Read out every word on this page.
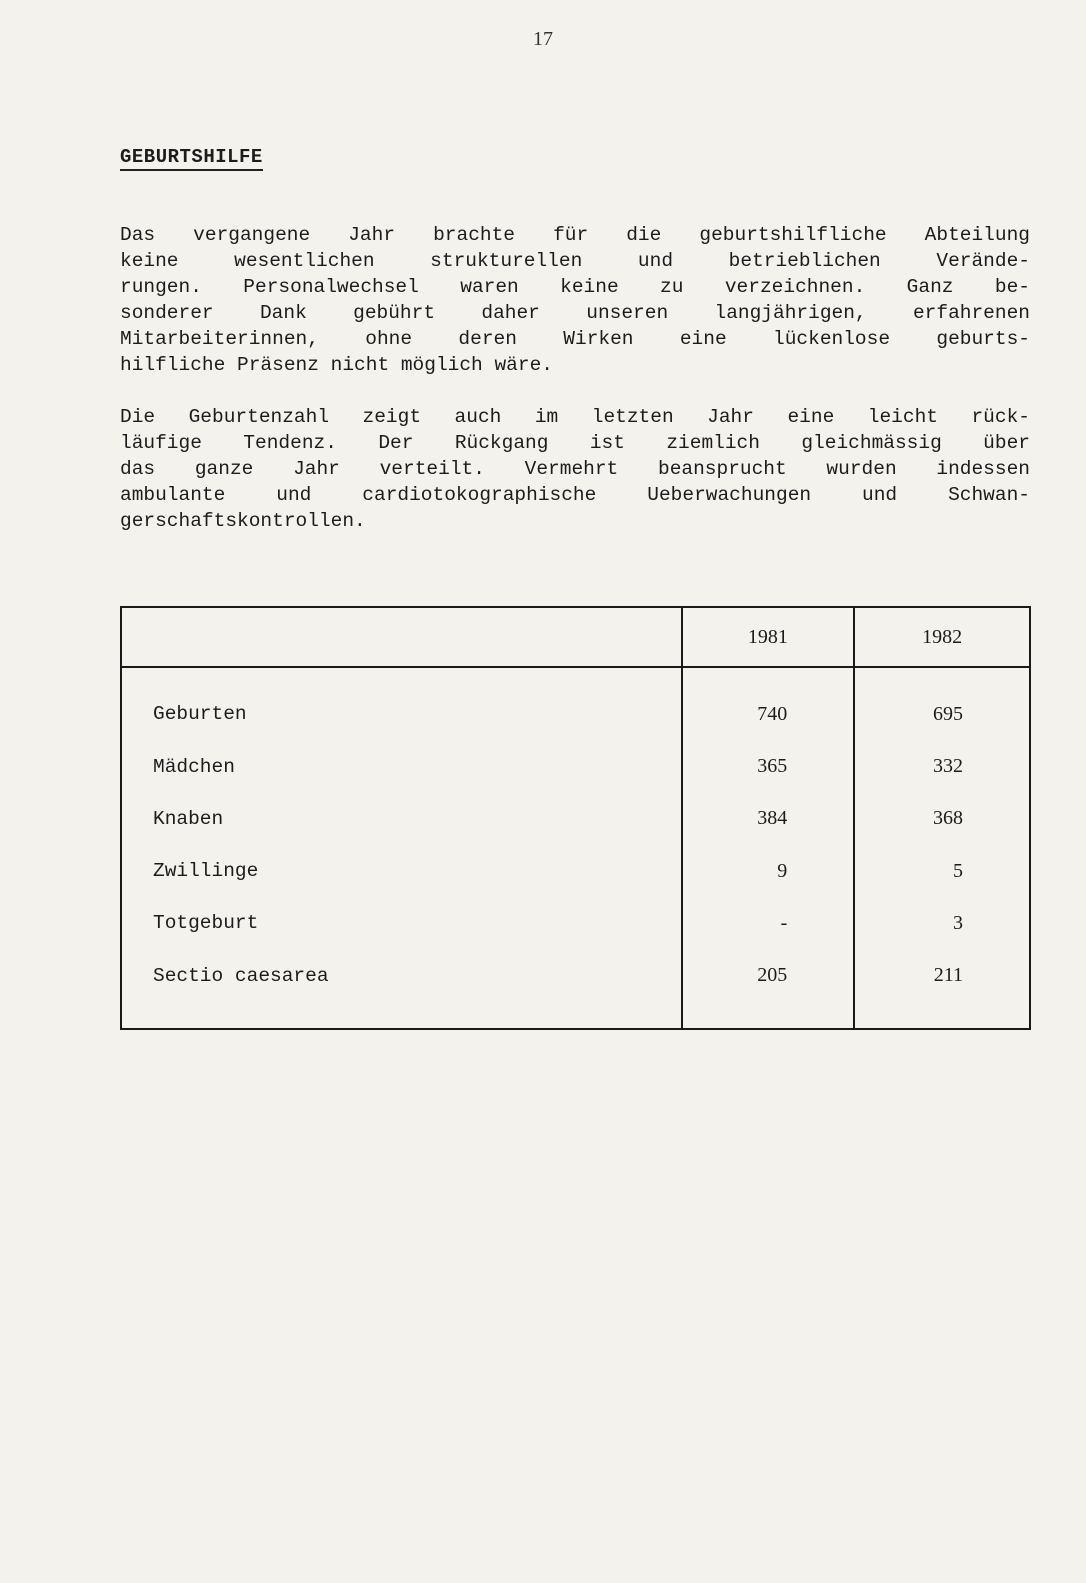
17
GEBURTSHILFE

Das vergangene Jahr brachte für die geburtshilfliche Abteilung
keine wesentlichen strukturellen und betrieblichen Verände-
rungen. Personalwechsel waren keine zu verzeichnen. Ganz be-
sonderer Dank gebührt daher unseren langjährigen, erfahrenen
Mitarbeiterinnen, ohne deren Wirken eine lückenlose geburts-
hilfliche Präsenz nicht möglich wäre.

Die Geburtenzahl zeigt auch im letzten Jahr eine leicht rück-
läufige Tendenz. Der Rückgang ist ziemlich gleichmässig über
das ganze Jahr verteilt. Vermehrt beansprucht wurden indessen
ambulante und cardiotokographische Ueberwachungen und Schwan-
gerschaftskontrollen.

	1981	1982

Geburten	740	695
Mädchen	365	332
Knaben	384	368
Zwillinge	9	5
Totgeburt	-	3
Sectio caesarea	205	211
